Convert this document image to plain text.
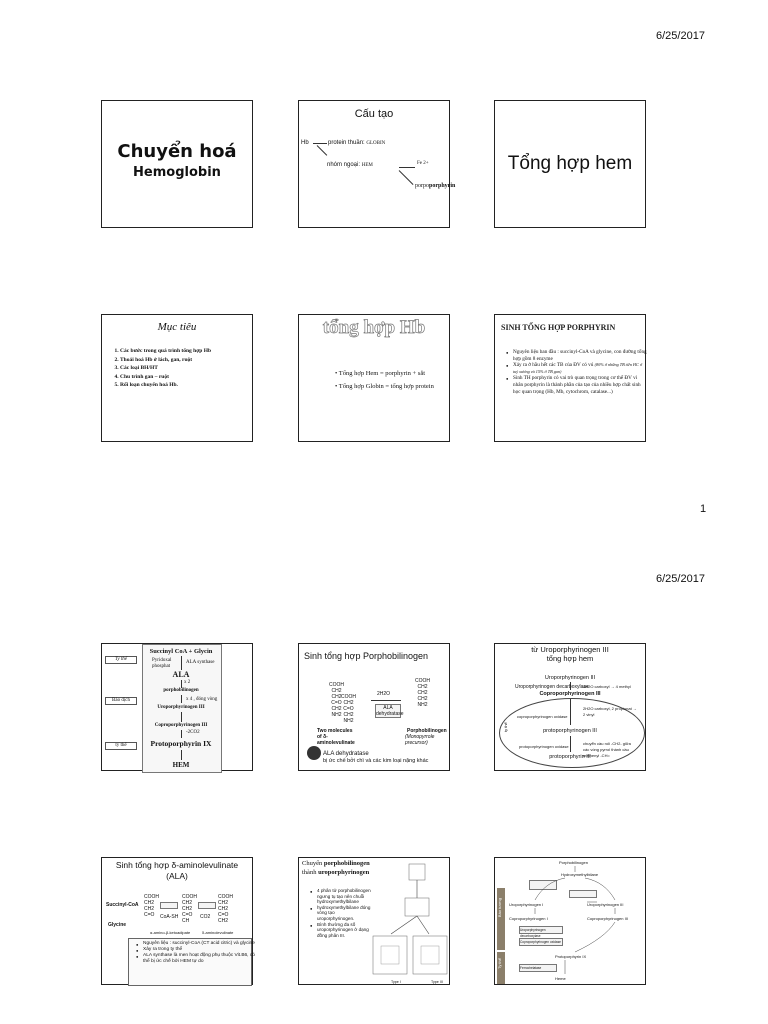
6/25/2017
1
6/25/2017
Chuyển hoá
Hemoglobin
Cấu tạo
Hb	protein thuần: GLOBIN
nhóm ngoại: HEM	Fe 2+
porpoporphyrin
Tổng hợp hem
Mục tiêu
1. Các bước trong quá trình tổng hợp Hb
2. Thoái hoá Hb ở lách, gan, ruột
3. Các loại BH/HT
4. Chu trình gan – ruột
5. Rối loạn chuyển hoá Hb.
tổng hợp Hb
• Tổng hợp Hem = porphyrin + sắt
• Tổng hợp Globin = tổng hợp protein
SINH TỔNG HỢP PORPHYRIN
● Nguyên liệu ban đầu : succinyl-CoA và glycine, con đường tổng hợp gồm 8 enzyme
● Xảy ra ở hầu hết các TB của ĐV có vú (80% ở những TB tiền HC ở tuỷ xương và 15% ở TB gan)
● Sinh TH porphyrin có vai trò quan trọng trong cơ thể ĐV vì nhân porphyrin là thành phần của tạo của nhiều hợp chất sinh học quan trọng (Hb, Mb, cytochrom, catalase...)
Succinyl CoA + Glycin
Pyridoxal phosphat
ALA synthase
ALA
x 2
porphobilinogen
x 4 , đóng vòng
Uroporphyrinogen III
Coproporphyrinogen III
-2CO2
Protoporphyrin IX
HEM
Ty thể
Bào dịch
ty thể
Sinh tổng hợp Porphobilinogen
COOH
CH2
CH2
C=O
CH2
NH2
COOH
CH2
C=O
CH2
NH2
2H2O
ALA dehydratase
COOH
CH2
CH2
CH2
NH2
Two molecules of δ-aminolevulinate
Porphobilinogen
(Monopyrrole precursor)
ALA dehydratase
bị ức chế bởi chì và các kim loại nặng khác
từ Uroporphyrinogen III
tổng hợp hem
Uroporphyrinogen III
Uroporphyrinogen decarboxylase
4H2O carboxyl → 4 methyl
Coproporphyrinogen III
coproporphyrinogen oxidase
2H2O carboxyl, 2 propionat → 2 vinyl
protoporphyrinogen III
protoporphyrinogen oxidase
chuyển cầu nối -CH2- giữa các vòng pyrrol thành cầu methenyl -CH=
ty thể
protoporphyrin III
Sinh tổng hợp δ-aminolevulinate
(ALA)
Succinyl-CoA
Glycine
COOH
CH2
CH2
C=O
COOH
CH2
CH2
C=O
CH
COOH
CH2
CH2
C=O
CH2
CoA-SH	CO2
α-amino-β-ketoadipate	δ-aminolevulinate
● Nguyên liệu : succinyl-CoA (CT acid citric) và glycine
● Xảy ra trong ty thể
● ALA synthase là men hoạt động phụ thuộc Vit.B6, có thể bị ức chế bởi HEM tự do
Chuyển porphobilinogen
thành uroporphyrinogen
● 4 phân tử porphobilinogen ngưng tụ tạo nên chuỗi hydroxymethylbilane
● hydroxymethylbilane đóng vòng tạo uroporphyrinogen.
● Bình thường đa số uroporphyrinogen ở dạng đồng phân III.
Type I	Type III
Bào tương
Ty thể
Porphobilinogen
Hydroxymethylbilane
Uroporphyrinogen I	Uroporphyrinogen III
Coproporphyrinogen I	Coproporphyrinogen III
Protoporphyrin IX
Heme
Uroporphyrinogen decarboxylase
Coproporphyrinogen oxidase
Ferrochelatase
